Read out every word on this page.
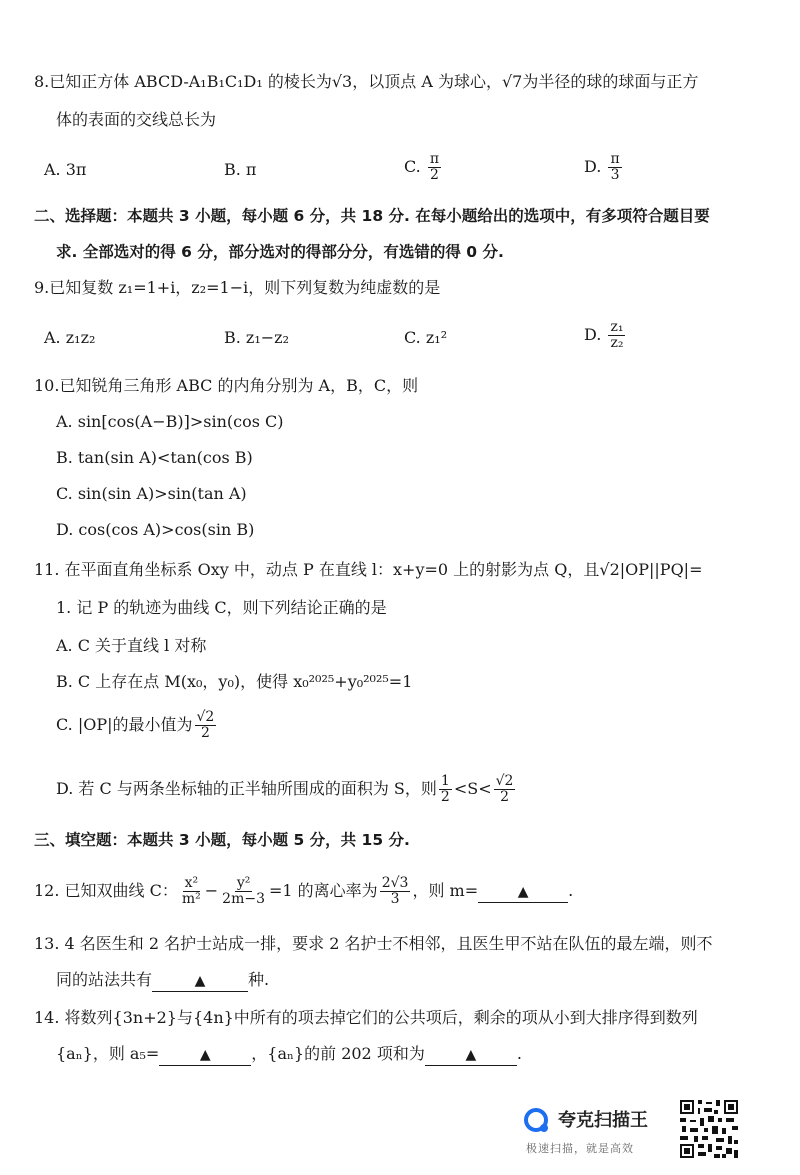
8.已知正方体 ABCD-A₁B₁C₁D₁ 的棱长为√3，以顶点 A 为球心，√7为半径的球的球面与正方
体的表面的交线总长为
A. 3π	B. π	C. $\frac{\pi}{2}$	D. $\frac{\pi}{3}$
二、选择题：本题共 3 小题，每小题 6 分，共 18 分. 在每小题给出的选项中，有多项符合题目要
求. 全部选对的得 6 分，部分选对的得部分分，有选错的得 0 分.
9.已知复数 z₁=1+i，z₂=1−i，则下列复数为纯虚数的是
A. z₁z₂	B. z₁−z₂	C. z₁²	D. $\frac{\text{z₁}}{\text{z₂}}$
10.已知锐角三角形 ABC 的内角分别为 A，B，C，则
A. sin[cos(A−B)]>sin(cos C)
B. tan(sin A)<tan(cos B)
C. sin(sin A)>sin(tan A)
D. cos(cos A)>cos(sin B)
11. 在平面直角坐标系 Oxy 中，动点 P 在直线 l：x+y=0 上的射影为点 Q，且√2|OP||PQ|=
1. 记 P 的轨迹为曲线 C，则下列结论正确的是
A. C 关于直线 l 对称
B. C 上存在点 M(x₀，y₀)，使得 x₀²⁰²⁵+y₀²⁰²⁵=1
C. |OP|的最小值为 $\frac{√2}{2}$
D. 若 C 与两条坐标轴的正半轴所围成的面积为 S，则 $\frac{1}{2} <S< \frac{√2}{2}$
三、填空题：本题共 3 小题，每小题 5 分，共 15 分.
12. 已知双曲线 C： $\frac{\text{x²}}{\text{m²}} - \frac{\text{y²}}{2m-3} =1$ 的离心率为 $\frac{2√3}{3}$ ，则 m=	▲ .
13. 4 名医生和 2 名护士站成一排，要求 2 名护士不相邻，且医生甲不站在队伍的最左端，则不
同的站法共有	▲	种.
14. 将数列{3n+2}与{4n}中所有的项去掉它们的公共项后，剩余的项从小到大排序得到数列
{aₙ}，则 a₅=	▲	，{aₙ}的前 202 项和为	▲	.
夸克扫描王
极速扫描，就是高效
